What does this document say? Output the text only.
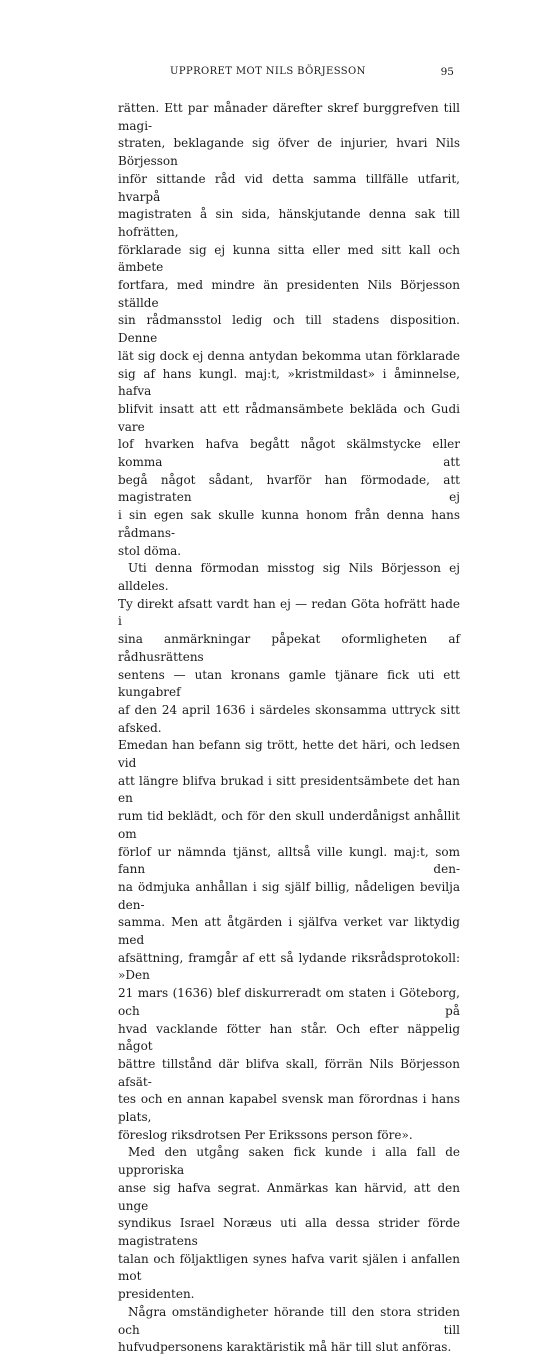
UPPRORET MOT NILS BÖRJESSON	95

rätten. Ett par månader därefter skref burggrefven till magi-

straten, beklagande sig öfver de injurier, hvari Nils Börjesson

inför sittande råd vid detta samma tillfälle utfarit, hvarpå

magistraten å sin sida, hänskjutande denna sak till hofrätten,

förklarade sig ej kunna sitta eller med sitt kall och ämbete

fortfara, med mindre än presidenten Nils Börjesson ställde

sin rådmansstol ledig och till stadens disposition. Denne

lät sig dock ej denna antydan bekomma utan förklarade

sig af hans kungl. maj:t, »kristmildast» i åminnelse, hafva

blifvit insatt att ett rådmansämbete bekläda och Gudi vare

lof hvarken hafva begått något skälmstycke eller komma att

begå något sådant, hvarför han förmodade, att magistraten ej

i sin egen sak skulle kunna honom från denna hans rådmans-

stol döma.

Uti denna förmodan misstog sig Nils Börjesson ej alldeles.

Ty direkt afsatt vardt han ej — redan Göta hofrätt hade i

sina anmärkningar påpekat oformligheten af rådhusrättens

sentens — utan kronans gamle tjänare fick uti ett kungabref

af den 24 april 1636 i särdeles skonsamma uttryck sitt afsked.

Emedan han befann sig trött, hette det häri, och ledsen vid

att längre blifva brukad i sitt presidentsämbete det han en

rum tid beklädt, och för den skull underdånigst anhållit om

förlof ur nämnda tjänst, alltså ville kungl. maj:t, som fann den-

na ödmjuka anhållan i sig själf billig, nådeligen bevilja den-

samma. Men att åtgärden i själfva verket var liktydig med

afsättning, framgår af ett så lydande riksrådsprotokoll: »Den

21 mars (1636) blef diskurreradt om staten i Göteborg, och på

hvad vacklande fötter han står. Och efter näppelig något

bättre tillstånd där blifva skall, förrän Nils Börjesson afsät-

tes och en annan kapabel svensk man förordnas i hans plats,

föreslog riksdrotsen Per Erikssons person före».

Med den utgång saken fick kunde i alla fall de upproriska

anse sig hafva segrat. Anmärkas kan härvid, att den unge

syndikus Israel Noræus uti alla dessa strider förde magistratens

talan och följaktligen synes hafva varit själen i anfallen mot

presidenten.

Några omständigheter hörande till den stora striden och till

hufvudpersonens karaktäristik må här till slut anföras.
